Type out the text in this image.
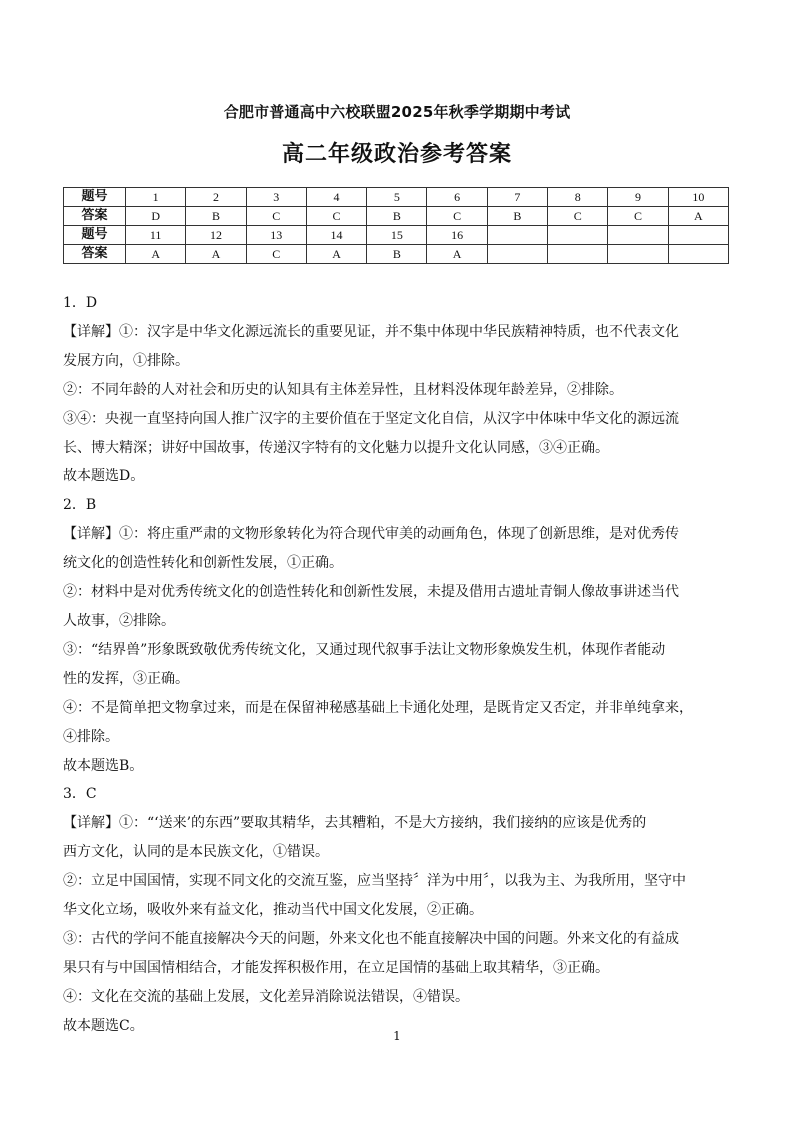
合肥市普通高中六校联盟2025年秋季学期期中考试
高二年级政治参考答案
题号	1	2	3	4	5	6	7	8	9	10
答案	D	B	C	C	B	C	B	C	C	A
题号	11	12	13	14	15	16				
答案	A	A	C	A	B	A				

1．D

【详解】①：汉字是中华文化源远流长的重要见证，并不集中体现中华民族精神特质，也不代表文化

发展方向，①排除。

②：不同年龄的人对社会和历史的认知具有主体差异性，且材料没体现年龄差异，②排除。

③④：央视一直坚持向国人推广汉字的主要价值在于坚定文化自信，从汉字中体味中华文化的源远流

长、博大精深；讲好中国故事，传递汉字特有的文化魅力以提升文化认同感，③④正确。

故本题选D。

2．B

【详解】①：将庄重严肃的文物形象转化为符合现代审美的动画角色，体现了创新思维，是对优秀传

统文化的创造性转化和创新性发展，①正确。

②：材料中是对优秀传统文化的创造性转化和创新性发展，未提及借用古遗址青铜人像故事讲述当代

人故事，②排除。

③：“结界兽”形象既致敬优秀传统文化，又通过现代叙事手法让文物形象焕发生机，体现作者能动

性的发挥，③正确。

④：不是简单把文物拿过来，而是在保留神秘感基础上卡通化处理，是既肯定又否定，并非单纯拿来，

④排除。

故本题选B。

3．C

【详解】①：“‘送来’的东西”要取其精华，去其糟粕，不是大方接纳，我们接纳的应该是优秀的

西方文化，认同的是本民族文化，①错误。

②：立足中国国情，实现不同文化的交流互鉴，应当坚持〞洋为中用〞，以我为主、为我所用，坚守中

华文化立场，吸收外来有益文化，推动当代中国文化发展，②正确。

③：古代的学问不能直接解决今天的问题，外来文化也不能直接解决中国的问题。外来文化的有益成

果只有与中国国情相结合，才能发挥积极作用，在立足国情的基础上取其精华，③正确。

④：文化在交流的基础上发展，文化差异消除说法错误，④错误。

故本题选C。

1
